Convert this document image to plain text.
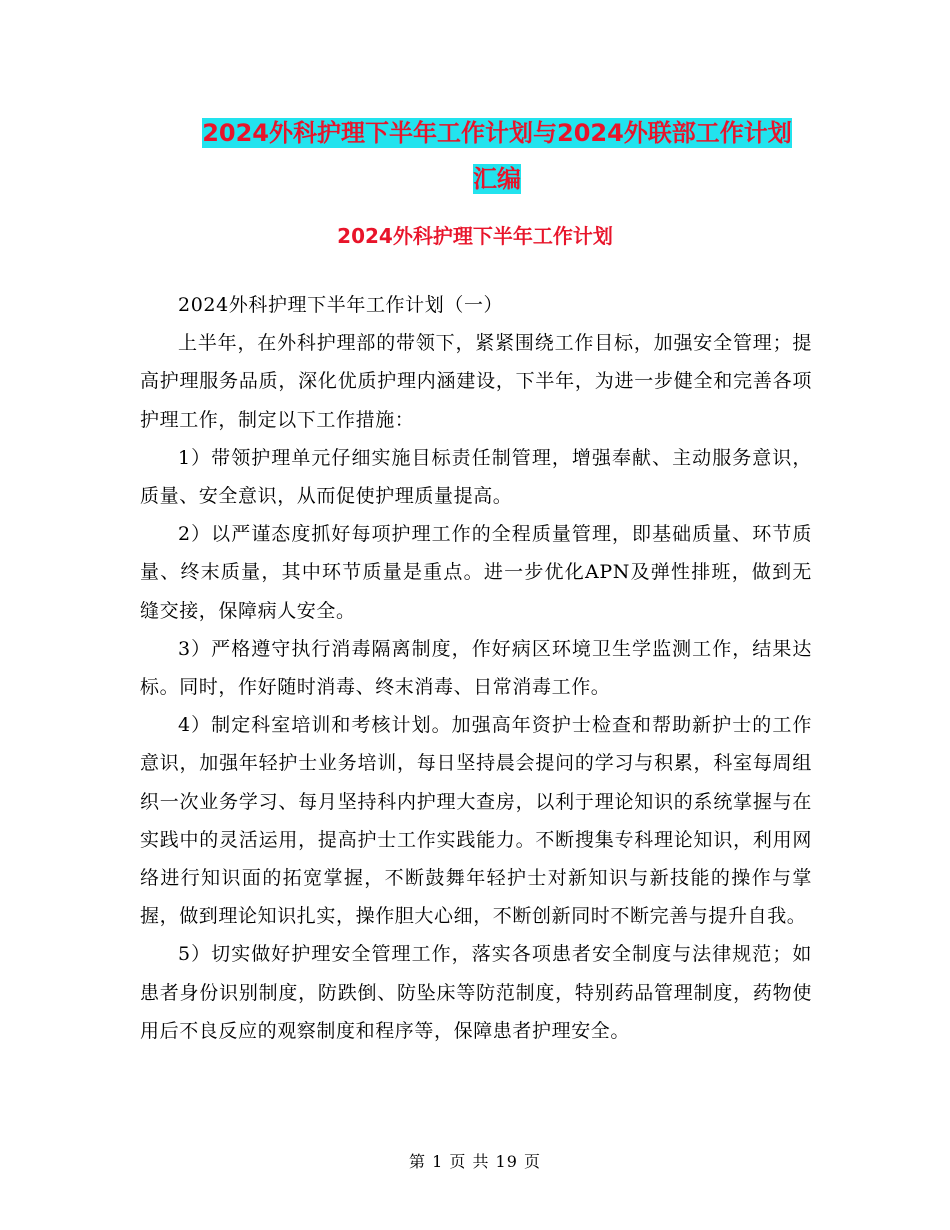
2024外科护理下半年工作计划与2024外联部工作计划
汇编
2024外科护理下半年工作计划

2024外科护理下半年工作计划（一）

上半年，在外科护理部的带领下，紧紧围绕工作目标，加强安全管理；提高护理服务品质，深化优质护理内涵建设，下半年，为进一步健全和完善各项护理工作，制定以下工作措施：

1）带领护理单元仔细实施目标责任制管理，增强奉献、主动服务意识，质量、安全意识，从而促使护理质量提高。

2）以严谨态度抓好每项护理工作的全程质量管理，即基础质量、环节质量、终末质量，其中环节质量是重点。进一步优化APN及弹性排班，做到无缝交接，保障病人安全。

3）严格遵守执行消毒隔离制度，作好病区环境卫生学监测工作，结果达标。同时，作好随时消毒、终末消毒、日常消毒工作。

4）制定科室培训和考核计划。加强高年资护士检查和帮助新护士的工作意识，加强年轻护士业务培训，每日坚持晨会提问的学习与积累，科室每周组织一次业务学习、每月坚持科内护理大查房，以利于理论知识的系统掌握与在实践中的灵活运用，提高护士工作实践能力。不断搜集专科理论知识，利用网络进行知识面的拓宽掌握，不断鼓舞年轻护士对新知识与新技能的操作与掌握，做到理论知识扎实，操作胆大心细，不断创新同时不断完善与提升自我。

5）切实做好护理安全管理工作，落实各项患者安全制度与法律规范；如患者身份识别制度，防跌倒、防坠床等防范制度，特别药品管理制度，药物使用后不良反应的观察制度和程序等，保障患者护理安全。

第 1 页 共 19 页
